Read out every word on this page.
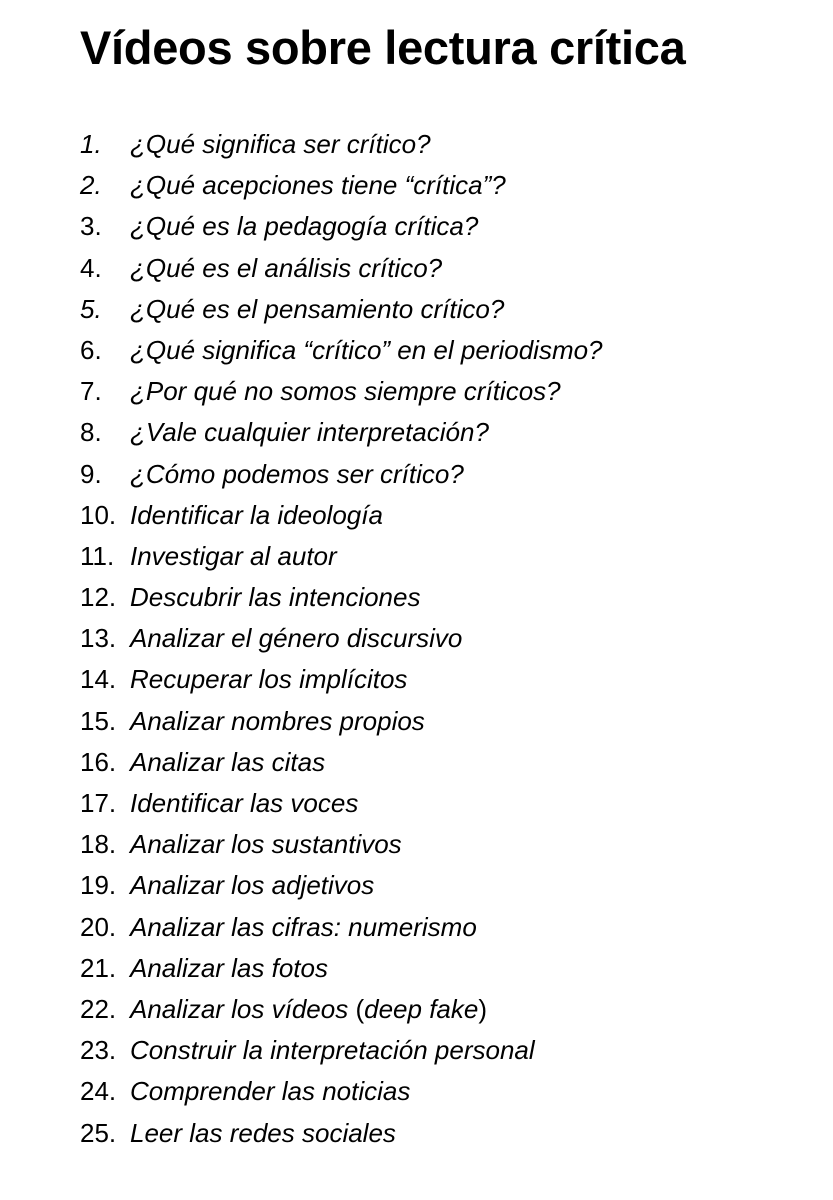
Vídeos sobre lectura crítica
1.	¿Qué significa ser crítico?
2.	¿Qué acepciones tiene “crítica”?
3.	¿Qué es la pedagogía crítica?
4.	¿Qué es el análisis crítico?
5.	¿Qué es el pensamiento crítico?
6.	¿Qué significa “crítico” en el periodismo?
7.	¿Por qué no somos siempre críticos?
8.	¿Vale cualquier interpretación?
9.	¿Cómo podemos ser crítico?
10. Identificar la ideología
11. Investigar al autor
12. Descubrir las intenciones
13. Analizar el género discursivo
14. Recuperar los implícitos
15. Analizar nombres propios
16. Analizar las citas
17. Identificar las voces
18. Analizar los sustantivos
19. Analizar los adjetivos
20. Analizar las cifras: numerismo
21. Analizar las fotos
22. Analizar los vídeos
( deep fake )
23. Construir la interpretación personal
24. Comprender las noticias
25. Leer las redes sociales
